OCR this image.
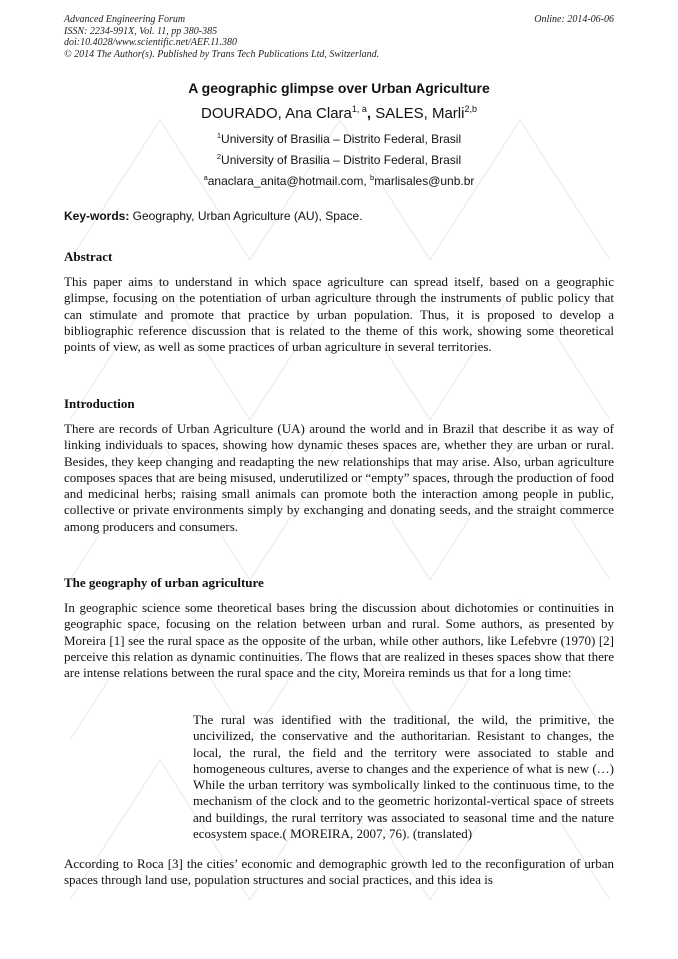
Advanced Engineering Forum
ISSN: 2234-991X, Vol. 11, pp 380-385
doi:10.4028/www.scientific.net/AEF.11.380
© 2014 The Author(s). Published by Trans Tech Publications Ltd, Switzerland.
Online: 2014-06-06
A geographic glimpse over Urban Agriculture
DOURADO, Ana Clara$^{1, a}$, SALES, Marli$^{2,b}$
$^1$University of Brasilia – Distrito Federal, Brasil
$^2$University of Brasilia – Distrito Federal, Brasil
$^a$anaclara_anita@hotmail.com, $^b$marlisales@unb.br
Key-words: Geography, Urban Agriculture (AU), Space.
Abstract

This paper aims to understand in which space agriculture can spread itself, based on a geographic glimpse, focusing on the potentiation of urban agriculture through the instruments of public policy that can stimulate and promote that practice by urban population. Thus, it is proposed to develop a bibliographic reference discussion that is related to the theme of this work, showing some theoretical points of view, as well as some practices of urban agriculture in several territories.

Introduction

There are records of Urban Agriculture (UA) around the world and in Brazil that describe it as way of linking individuals to spaces, showing how dynamic theses spaces are, whether they are urban or rural. Besides, they keep changing and readapting the new relationships that may arise. Also, urban agriculture composes spaces that are being misused, underutilized or “empty” spaces, through the production of food and medicinal herbs; raising small animals can promote both the interaction among people in public, collective or private environments simply by exchanging and donating seeds, and the straight commerce among producers and consumers.

The geography of urban agriculture

In geographic science some theoretical bases bring the discussion about dichotomies or continuities in geographic space, focusing on the relation between urban and rural. Some authors, as presented by Moreira [1] see the rural space as the opposite of the urban, while other authors, like Lefebvre (1970) [2] perceive this relation as dynamic continuities. The flows that are realized in theses spaces show that there are intense relations between the rural space and the city, Moreira reminds us that for a long time:

The rural was identified with the traditional, the wild, the primitive, the uncivilized, the conservative and the authoritarian. Resistant to changes, the local, the rural, the field and the territory were associated to stable and homogeneous cultures, averse to changes and the experience of what is new (…) While the urban territory was symbolically linked to the continuous time, to the mechanism of the clock and to the geometric horizontal-vertical space of streets and buildings, the rural territory was associated to seasonal time and the nature ecosystem space.( MOREIRA, 2007, 76). (translated)

According to Roca [3] the cities’ economic and demographic growth led to the reconfiguration of urban spaces through land use, population structures and social practices, and this idea is
